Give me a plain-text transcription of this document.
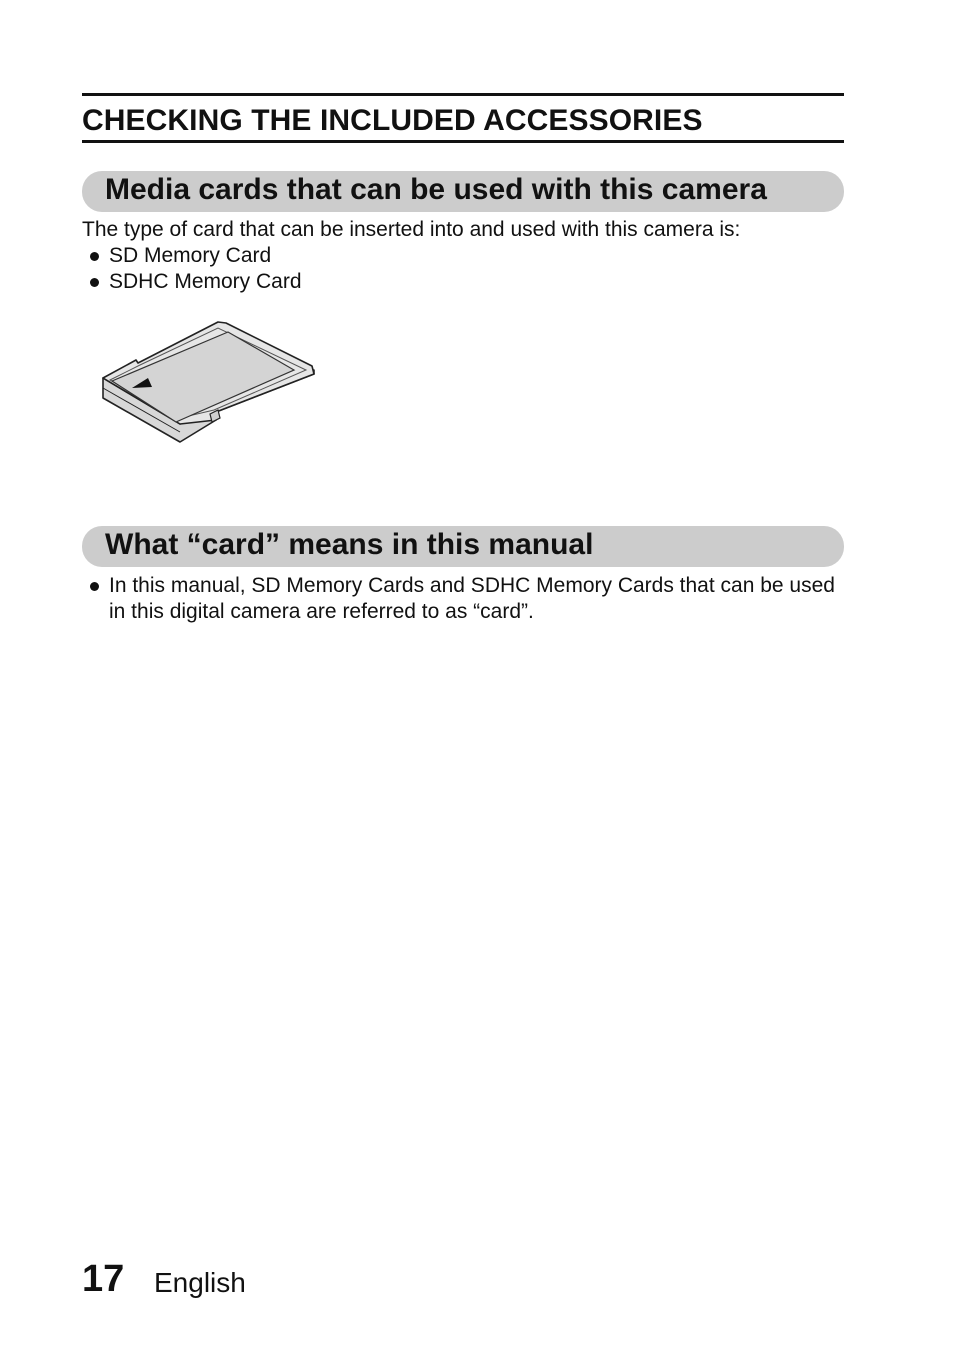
CHECKING THE INCLUDED ACCESSORIES
Media cards that can be used with this camera

The type of card that can be inserted into and used with this camera is:

SD Memory Card
SDHC Memory Card
What “card” means in this manual
In this manual, SD Memory Cards and SDHC Memory Cards that can be used in this digital camera are referred to as “card”.
17 English
